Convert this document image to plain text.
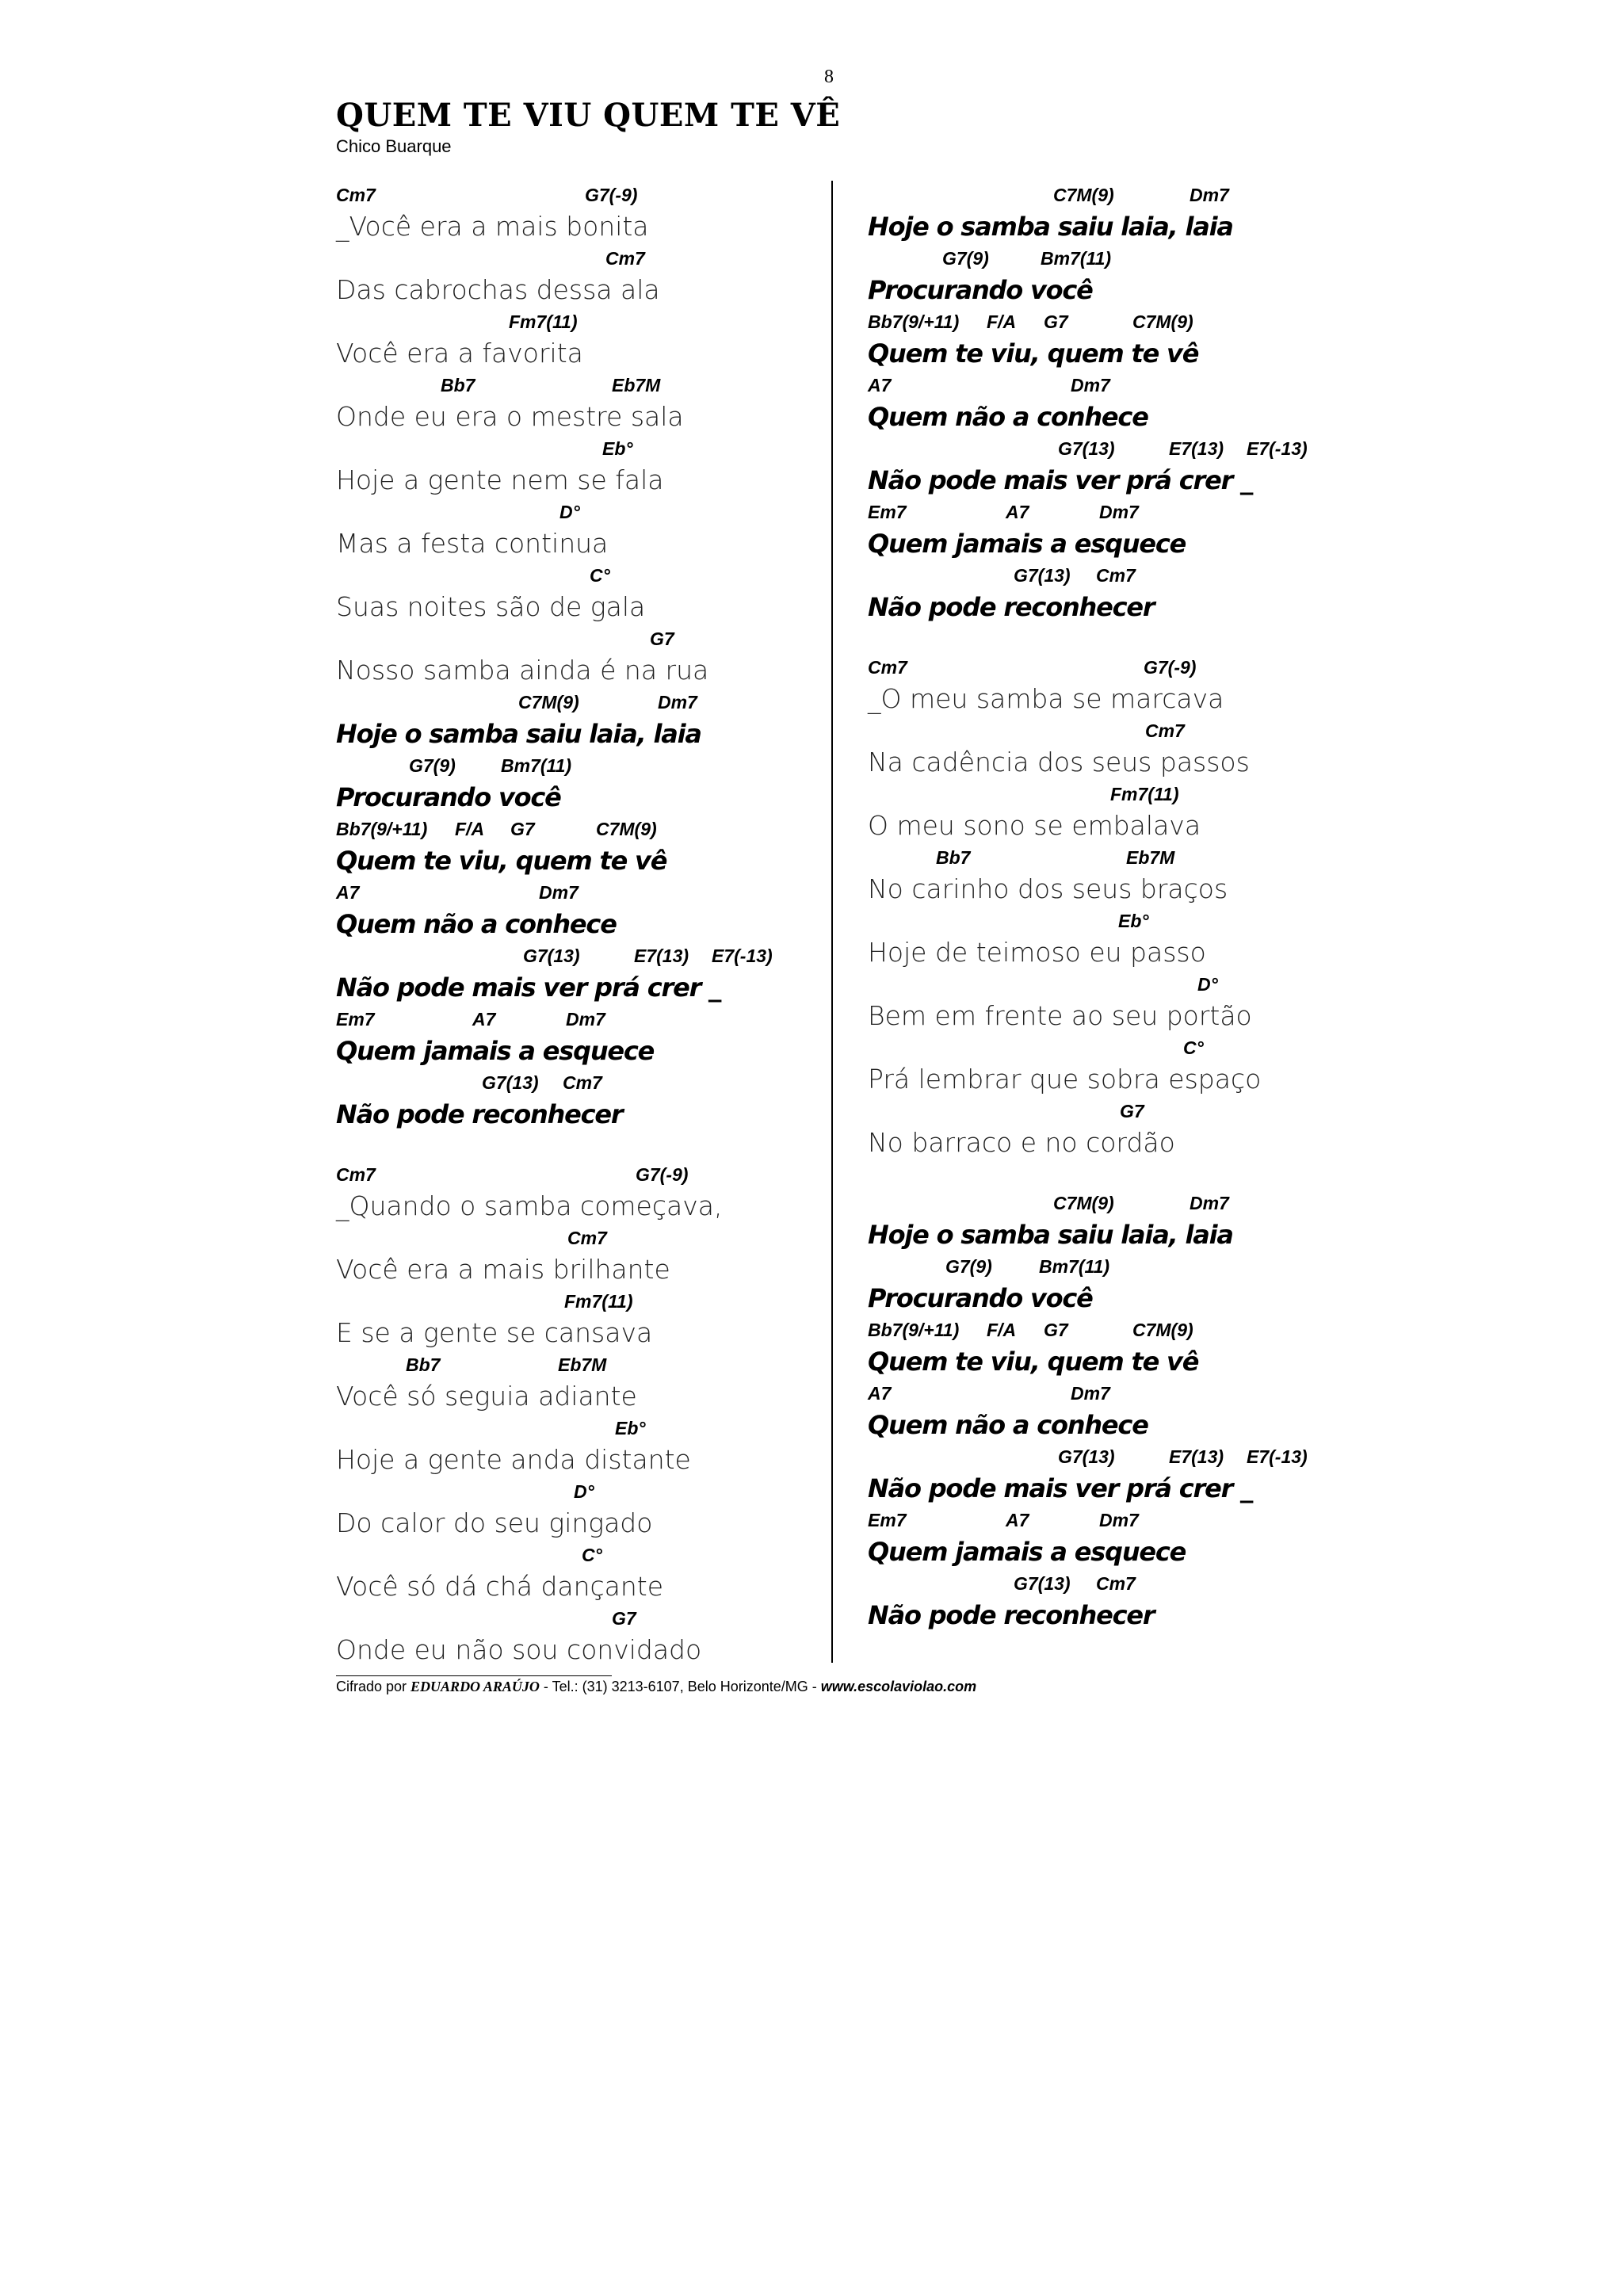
8
QUEM TE VIU QUEM TE VÊ
Chico Buarque
Cm7	G7(-9)
_Você era a mais bonita
Cm7
Das cabrochas dessa ala
Fm7(11)
Você era a favorita
Bb7	Eb7M
Onde eu era o mestre sala
Eb°
Hoje a gente nem se fala
D°
Mas a festa continua
C°
Suas noites são de gala
G7
Nosso samba ainda é na rua
C7M(9)	Dm7
Hoje o samba saiu laia, laia
G7(9) Bm7(11)
Procurando você
Bb7(9/+11) F/A G7	C7M(9)
Quem te viu, quem te vê
A7	Dm7
Quem não a conhece
G7(13)	E7(13) E7(-13)
Não pode mais ver prá crer _
Em7	A7	Dm7
Quem jamais a esquece
G7(13) Cm7
Não pode reconhecer
Cm7	G7(-9)
_Quando o samba começava,
Cm7
Você era a mais brilhante
Fm7(11)
E se a gente se cansava
Bb7	Eb7M
Você só seguia adiante
Eb°
Hoje a gente anda distante
D°
Do calor do seu gingado
C°
Você só dá chá dançante
G7
Onde eu não sou convidado
C7M(9)	Dm7
Hoje o samba saiu laia, laia
G7(9)	Bm7(11)
Procurando você
Bb7(9/+11) F/A G7	C7M(9)
Quem te viu, quem te vê
A7	Dm7
Quem não a conhece
G7(13)	E7(13) E7(-13)
Não pode mais ver prá crer _
Em7	A7	Dm7
Quem jamais a esquece
G7(13) Cm7
Não pode reconhecer
Cm7	G7(-9)
_O meu samba se marcava
Cm7
Na cadência dos seus passos
Fm7(11)
O meu sono se embalava
Bb7	Eb7M
No carinho dos seus braços
Eb°
Hoje de teimoso eu passo
D°
Bem em frente ao seu portão
C°
Prá lembrar que sobra espaço
G7
No barraco e no cordão
C7M(9)	Dm7
Hoje o samba saiu laia, laia
G7(9)	Bm7(11)
Procurando você
Bb7(9/+11) F/A G7	C7M(9)
Quem te viu, quem te vê
A7	Dm7
Quem não a conhece
G7(13)	E7(13) E7(-13)
Não pode mais ver prá crer _
Em7	A7	Dm7
Quem jamais a esquece
G7(13) Cm7
Não pode reconhecer
Cifrado por EDUARDO ARAÚJO - Tel.: (31) 3213-6107, Belo Horizonte/MG - www.escolaviolao.com
